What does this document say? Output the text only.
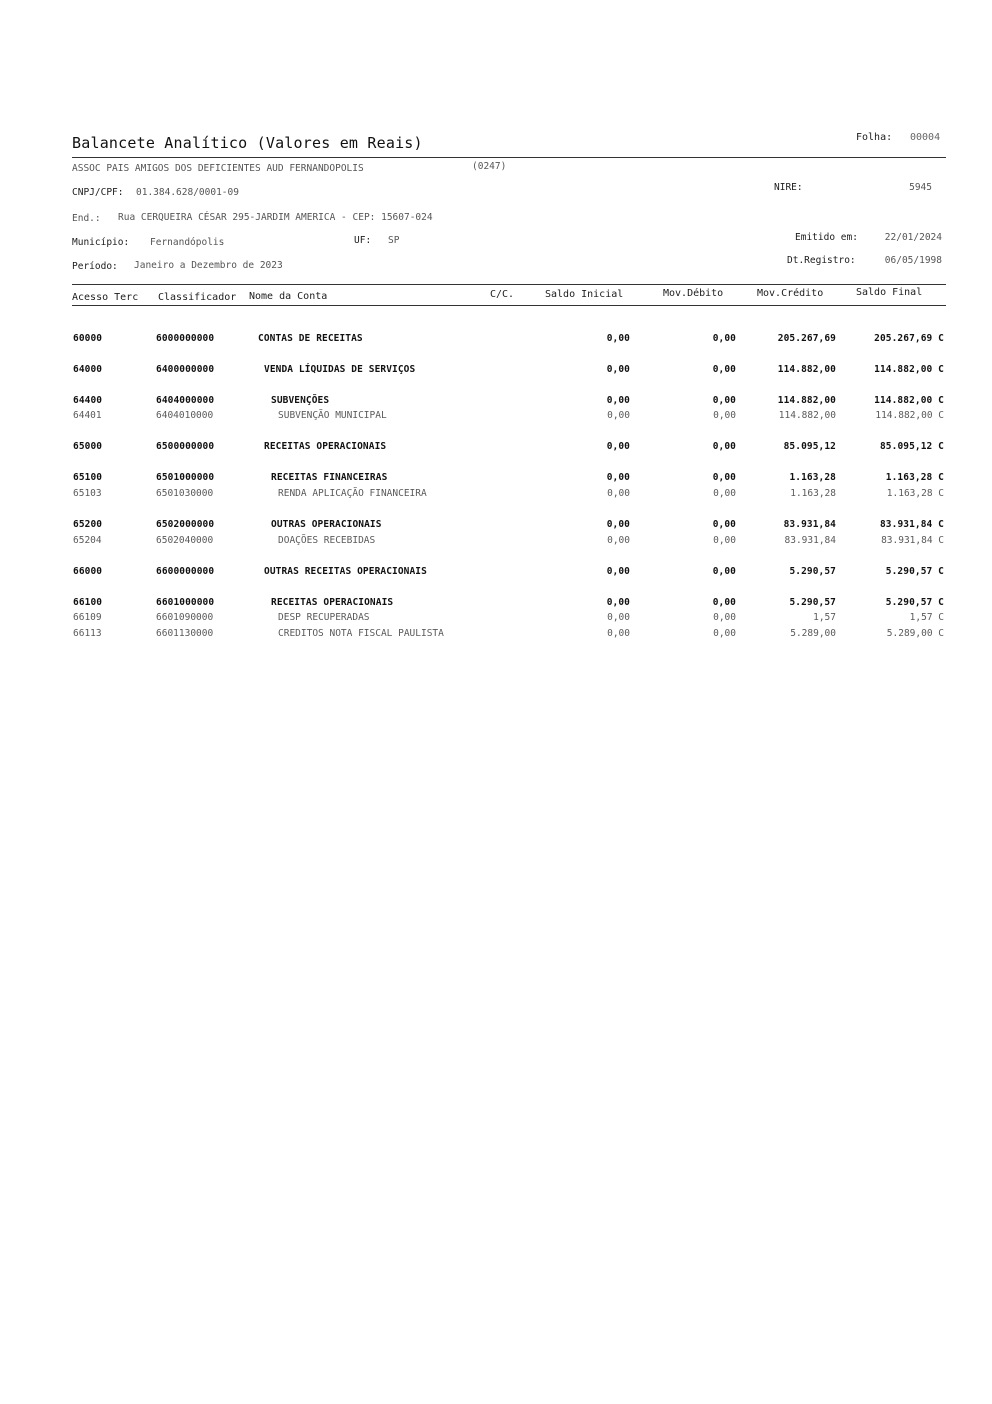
Balancete Analítico (Valores em Reais)	Folha: 00004
ASSOC PAIS AMIGOS DOS DEFICIENTES AUD FERNANDOPOLIS	(0247)
CNPJ/CPF: 01.384.628/0001-09	NIRE:	5945
End.: Rua CERQUEIRA CÉSAR 295-JARDIM AMERICA - CEP: 15607-024
Município: Fernandópolis	UF: SP	Emitido em:	22/01/2024
Período: Janeiro a Dezembro de 2023	Dt.Registro:	06/05/1998
Acesso Terc Classificador Nome da Conta	C/C.	Saldo Inicial	Mov.Débito	Mov.Crédito	Saldo Final
60000	6000000000	CONTAS DE RECEITAS	0,00	0,00	205.267,69	205.267,69 C
64000	6400000000	VENDA LÍQUIDAS DE SERVIÇOS	0,00	0,00	114.882,00	114.882,00 C
64400	6404000000	SUBVENÇÕES	0,00	0,00	114.882,00	114.882,00 C
64401	6404010000	SUBVENÇÃO MUNICIPAL	0,00	0,00	114.882,00	114.882,00 C
65000	6500000000	RECEITAS OPERACIONAIS	0,00	0,00	85.095,12	85.095,12 C
65100	6501000000	RECEITAS FINANCEIRAS	0,00	0,00	1.163,28	1.163,28 C
65103	6501030000	RENDA APLICAÇÃO FINANCEIRA	0,00	0,00	1.163,28	1.163,28 C
65200	6502000000	OUTRAS OPERACIONAIS	0,00	0,00	83.931,84	83.931,84 C
65204	6502040000	DOAÇÕES RECEBIDAS	0,00	0,00	83.931,84	83.931,84 C
66000	6600000000	OUTRAS RECEITAS OPERACIONAIS	0,00	0,00	5.290,57	5.290,57 C
66100	6601000000	RECEITAS OPERACIONAIS	0,00	0,00	5.290,57	5.290,57 C
66109	6601090000	DESP RECUPERADAS	0,00	0,00	1,57	1,57 C
66113	6601130000	CREDITOS NOTA FISCAL PAULISTA	0,00	0,00	5.289,00	5.289,00 C
